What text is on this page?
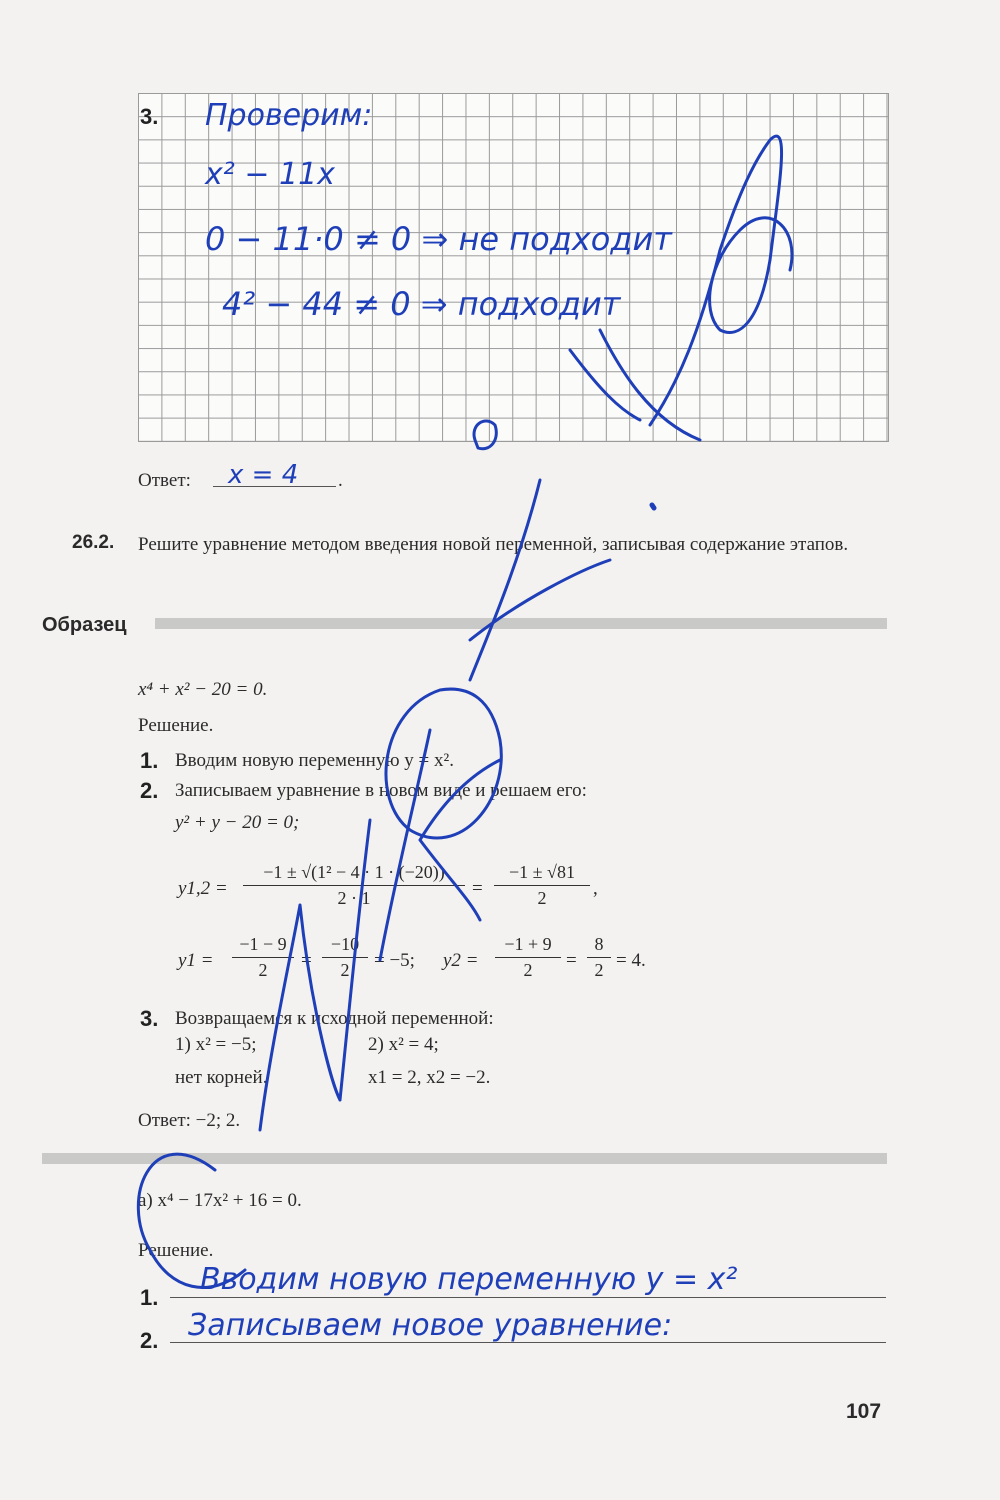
3. Проверим:
x² − 11x
0 − 11·0 ≠ 0 ⇒ не подходит
4² − 44 ≠ 0 ⇒ подходит
Ответ: x = 4 .
26.2. Решите уравнение методом введения новой переменной, записывая содержание этапов.
Образец
x⁴ + x² − 20 = 0.
Решение.
1. Вводим новую переменную y = x².
2. Записываем уравнение в новом виде и решаем его:
y² + y − 20 = 0;
y1,2 =
−1 ± √(1² − 4 · 1 · (−20))
2 · 1	=
−1 ± √81
2	,
y1 =
−1 − 9
2	=
−10
2	= −5; y2 =
−1 + 9
2	=
8
2 = 4.
3. Возвращаемся к исходной переменной:
1) x² = −5;	2) x² = 4;
нет корней.	x1 = 2, x2 = −2.
Ответ: −2; 2.
а) x⁴ − 17x² + 16 = 0.
Решение.
1.
Вводим новую переменную y = x²
2. Записываем новое уравнение:
107
